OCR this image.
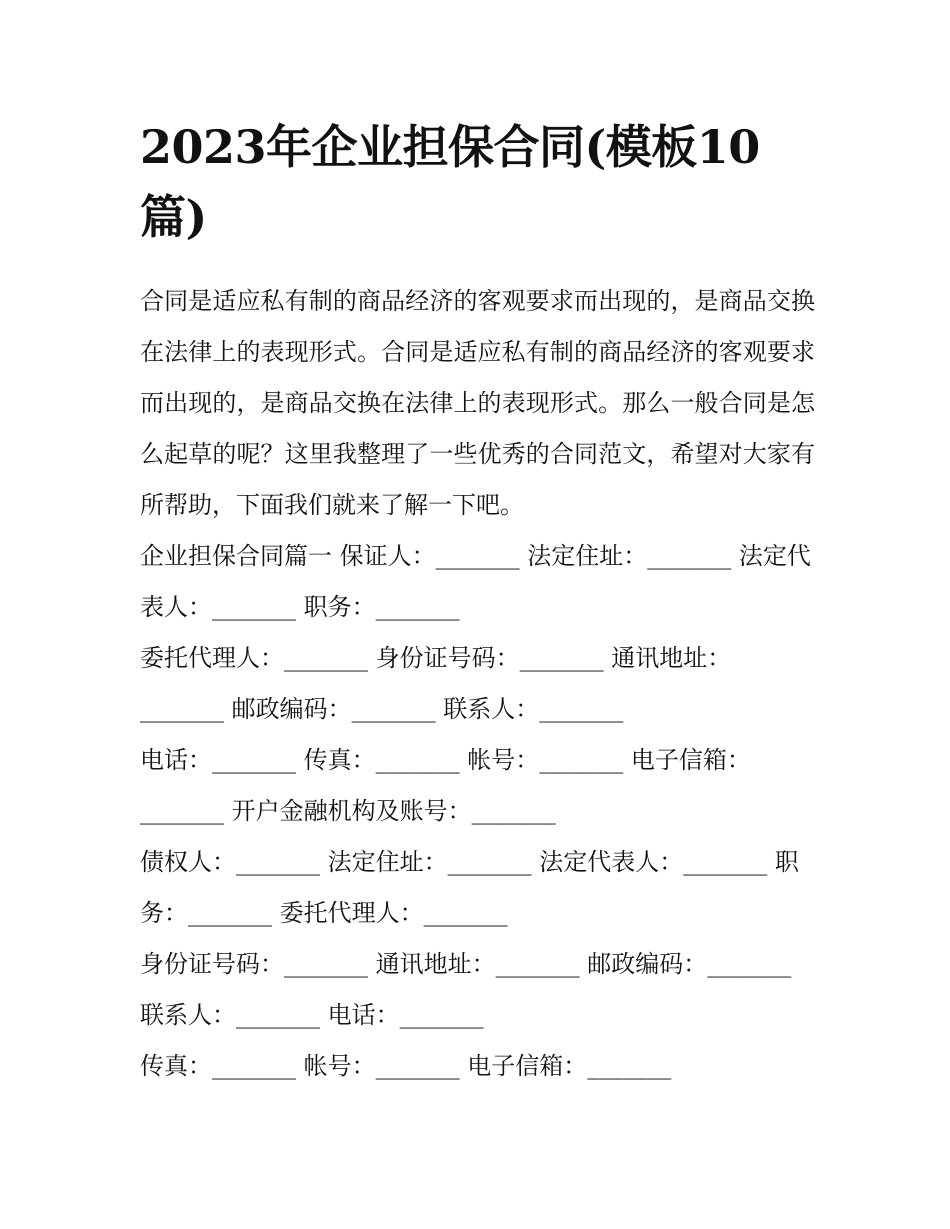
2023年企业担保合同(模板10篇)

合同是适应私有制的商品经济的客观要求而出现的，是商品交换在法律上的表现形式。合同是适应私有制的商品经济的客观要求而出现的，是商品交换在法律上的表现形式。那么一般合同是怎么起草的呢？这里我整理了一些优秀的合同范文，希望对大家有所帮助，下面我们就来了解一下吧。

企业担保合同篇一 保证人：_______ 法定住址：_______ 法定代表人：_______ 职务：_______

委托代理人：_______ 身份证号码：_______ 通讯地址：_______ 邮政编码：_______ 联系人：_______

电话：_______ 传真：_______ 帐号：_______ 电子信箱：_______ 开户金融机构及账号：_______

债权人：_______ 法定住址：_______ 法定代表人：_______ 职务：_______ 委托代理人：_______

身份证号码：_______ 通讯地址：_______ 邮政编码：_______ 联系人：_______ 电话：_______

传真：_______ 帐号：_______ 电子信箱：_______
